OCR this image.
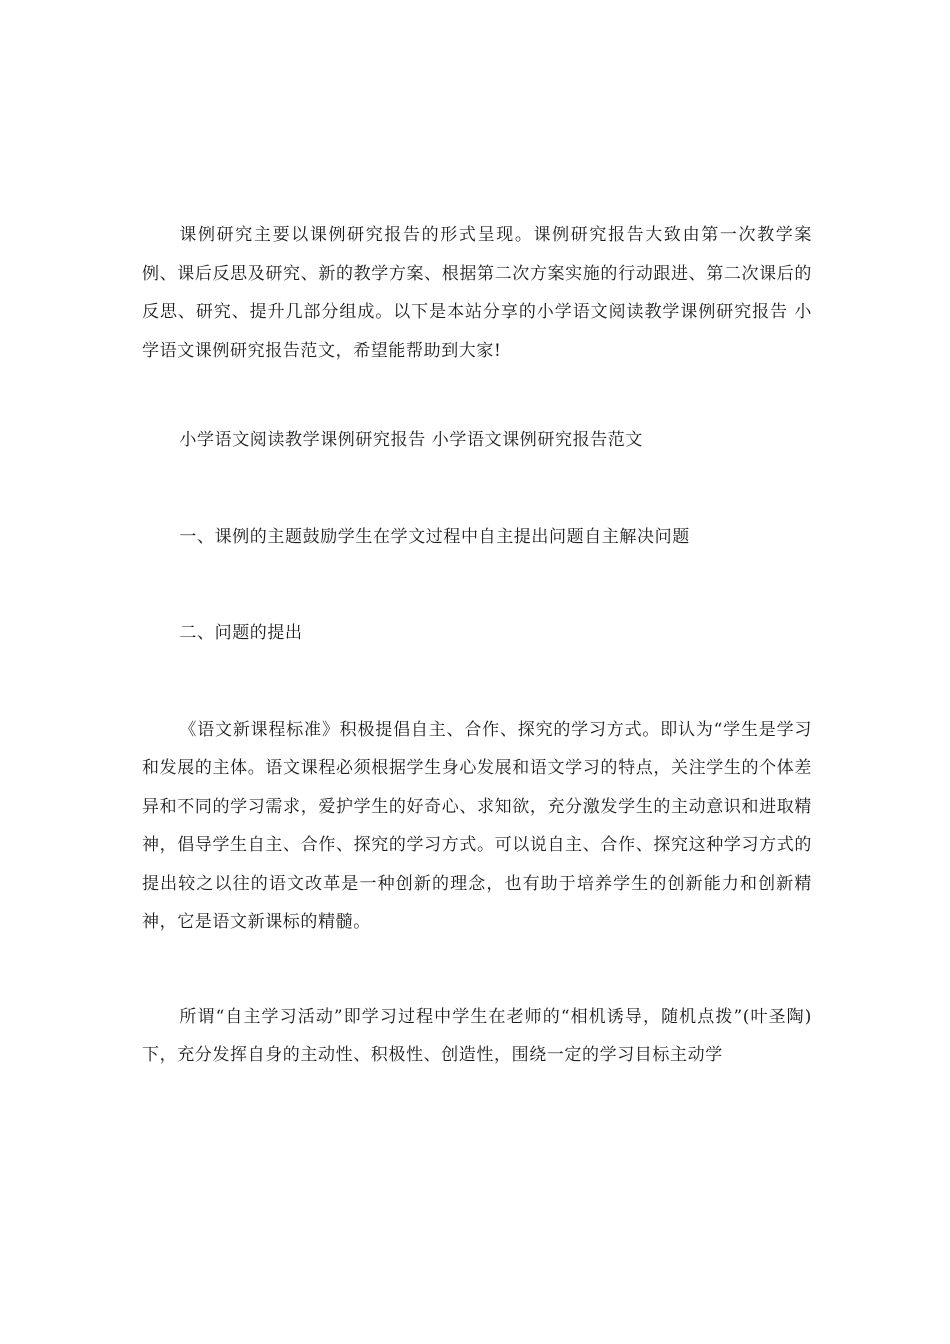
课例研究主要以课例研究报告的形式呈现。课例研究报告大致由第一次教学案例、课后反思及研究、新的教学方案、根据第二次方案实施的行动跟进、第二次课后的反思、研究、提升几部分组成。以下是本站分享的小学语文阅读教学课例研究报告 小学语文课例研究报告范文，希望能帮助到大家!

小学语文阅读教学课例研究报告 小学语文课例研究报告范文

一、课例的主题鼓励学生在学文过程中自主提出问题自主解决问题

二、问题的提出

《语文新课程标准》积极提倡自主、合作、探究的学习方式。即认为“学生是学习和发展的主体。语文课程必须根据学生身心发展和语文学习的特点，关注学生的个体差异和不同的学习需求，爱护学生的好奇心、求知欲，充分激发学生的主动意识和进取精神，倡导学生自主、合作、探究的学习方式。可以说自主、合作、探究这种学习方式的提出较之以往的语文改革是一种创新的理念，也有助于培养学生的创新能力和创新精神，它是语文新课标的精髓。

所谓“自主学习活动”即学习过程中学生在老师的“相机诱导，随机点拨”(叶圣陶)下，充分发挥自身的主动性、积极性、创造性，围绕一定的学习目标主动学
